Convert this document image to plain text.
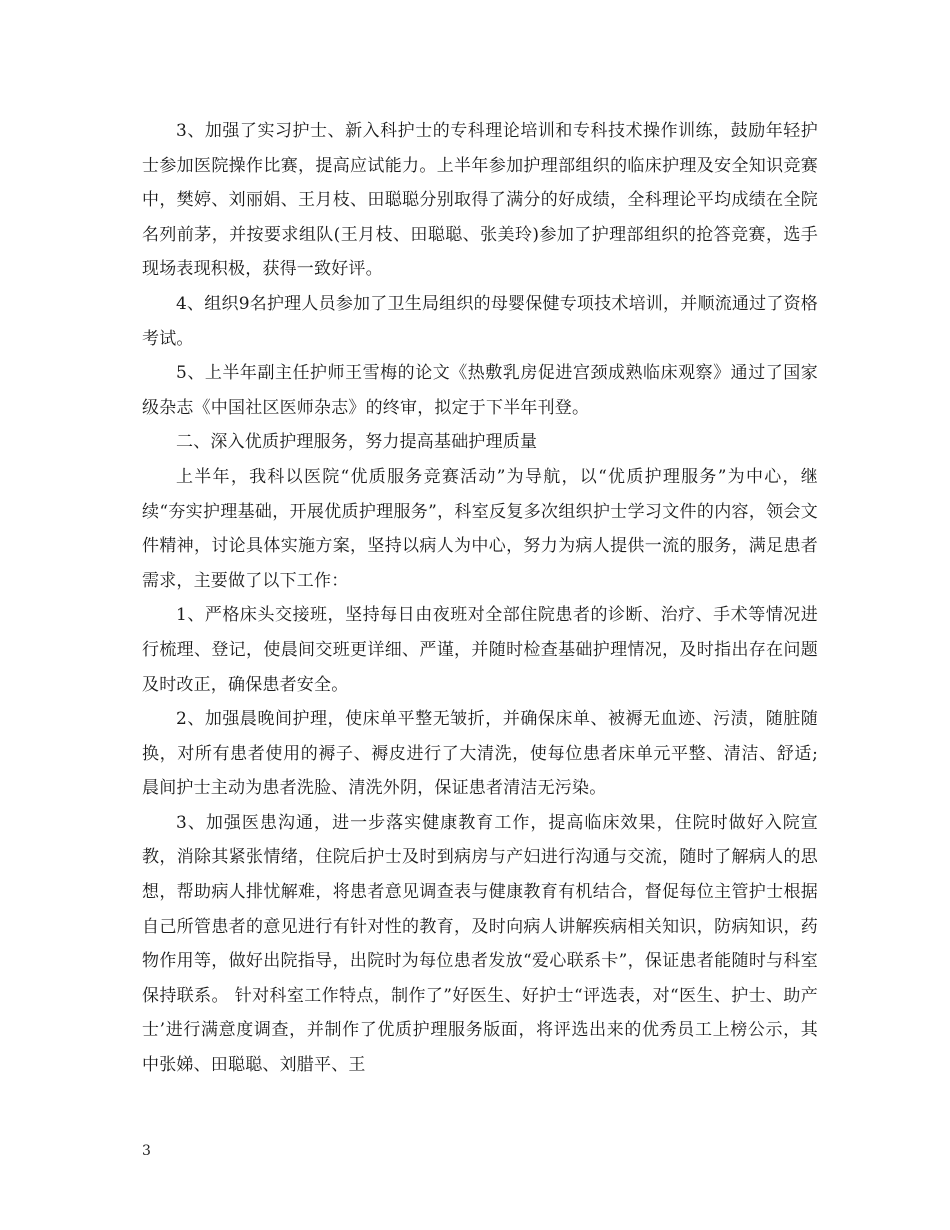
3、加强了实习护士、新入科护士的专科理论培训和专科技术操作训练，鼓励年轻护士参加医院操作比赛，提高应试能力。上半年参加护理部组织的临床护理及安全知识竞赛中，樊婷、刘丽娟、王月枝、田聪聪分别取得了满分的好成绩，全科理论平均成绩在全院名列前茅，并按要求组队(王月枝、田聪聪、张美玲)参加了护理部组织的抢答竞赛，选手现场表现积极，获得一致好评。

4、组织9名护理人员参加了卫生局组织的母婴保健专项技术培训，并顺流通过了资格考试。

5、上半年副主任护师王雪梅的论文《热敷乳房促进宫颈成熟临床观察》通过了国家级杂志《中国社区医师杂志》的终审，拟定于下半年刊登。

二、深入优质护理服务，努力提高基础护理质量

上半年，我科以医院“优质服务竞赛活动”为导航，以“优质护理服务”为中心，继续“夯实护理基础，开展优质护理服务”，科室反复多次组织护士学习文件的内容，领会文件精神，讨论具体实施方案，坚持以病人为中心，努力为病人提供一流的服务，满足患者需求，主要做了以下工作：

1、严格床头交接班，坚持每日由夜班对全部住院患者的诊断、治疗、手术等情况进行梳理、登记，使晨间交班更详细、严谨，并随时检查基础护理情况，及时指出存在问题及时改正，确保患者安全。

2、加强晨晚间护理，使床单平整无皱折，并确保床单、被褥无血迹、污渍，随脏随换，对所有患者使用的褥子、褥皮进行了大清洗，使每位患者床单元平整、清洁、舒适;晨间护士主动为患者洗脸、清洗外阴，保证患者清洁无污染。

3、加强医患沟通，进一步落实健康教育工作，提高临床效果，住院时做好入院宣教，消除其紧张情绪，住院后护士及时到病房与产妇进行沟通与交流，随时了解病人的思想，帮助病人排忧解难，将患者意见调查表与健康教育有机结合，督促每位主管护士根据自己所管患者的意见进行有针对性的教育，及时向病人讲解疾病相关知识，防病知识，药物作用等，做好出院指导，出院时为每位患者发放“爱心联系卡”，保证患者能随时与科室保持联系。 针对科室工作特点，制作了”好医生、好护士“评选表，对“医生、护士、助产士’进行满意度调查，并制作了优质护理服务版面，将评选出来的优秀员工上榜公示，其中张娣、田聪聪、刘腊平、王

3
